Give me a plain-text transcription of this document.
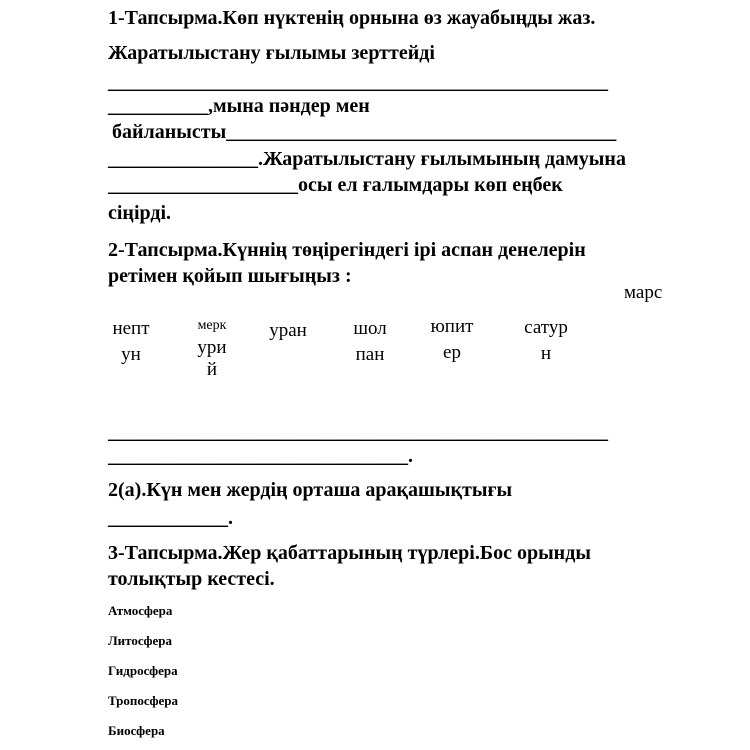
1-Тапсырма.Көп нүктенің орнына өз жауабыңды жаз.
Жаратылыстану ғылымы зерттейді
__________________________________________________
__________,мына пәндер мен
байланысты_______________________________________
_______________.Жаратылыстану ғылымының дамуына
___________________осы ел ғалымдары көп еңбек
сіңірді.
2-Тапсырма.Күннің төңірегіндегі ірі аспан денелерін
ретімен қойып шығыңыз :
марс
непт
ун
мерк
ури
й
уран	шол
пан
юпит
ер
сатур
н
__________________________________________________
______________________________.
2(а).Күн мен жердің орташа арақашықтығы
____________.
3-Тапсырма.Жер қабаттарының түрлері.Бос орынды
толықтыр кестесі.
Атмосфера
Литосфера
Гидросфера
Тропосфера
Биосфера
